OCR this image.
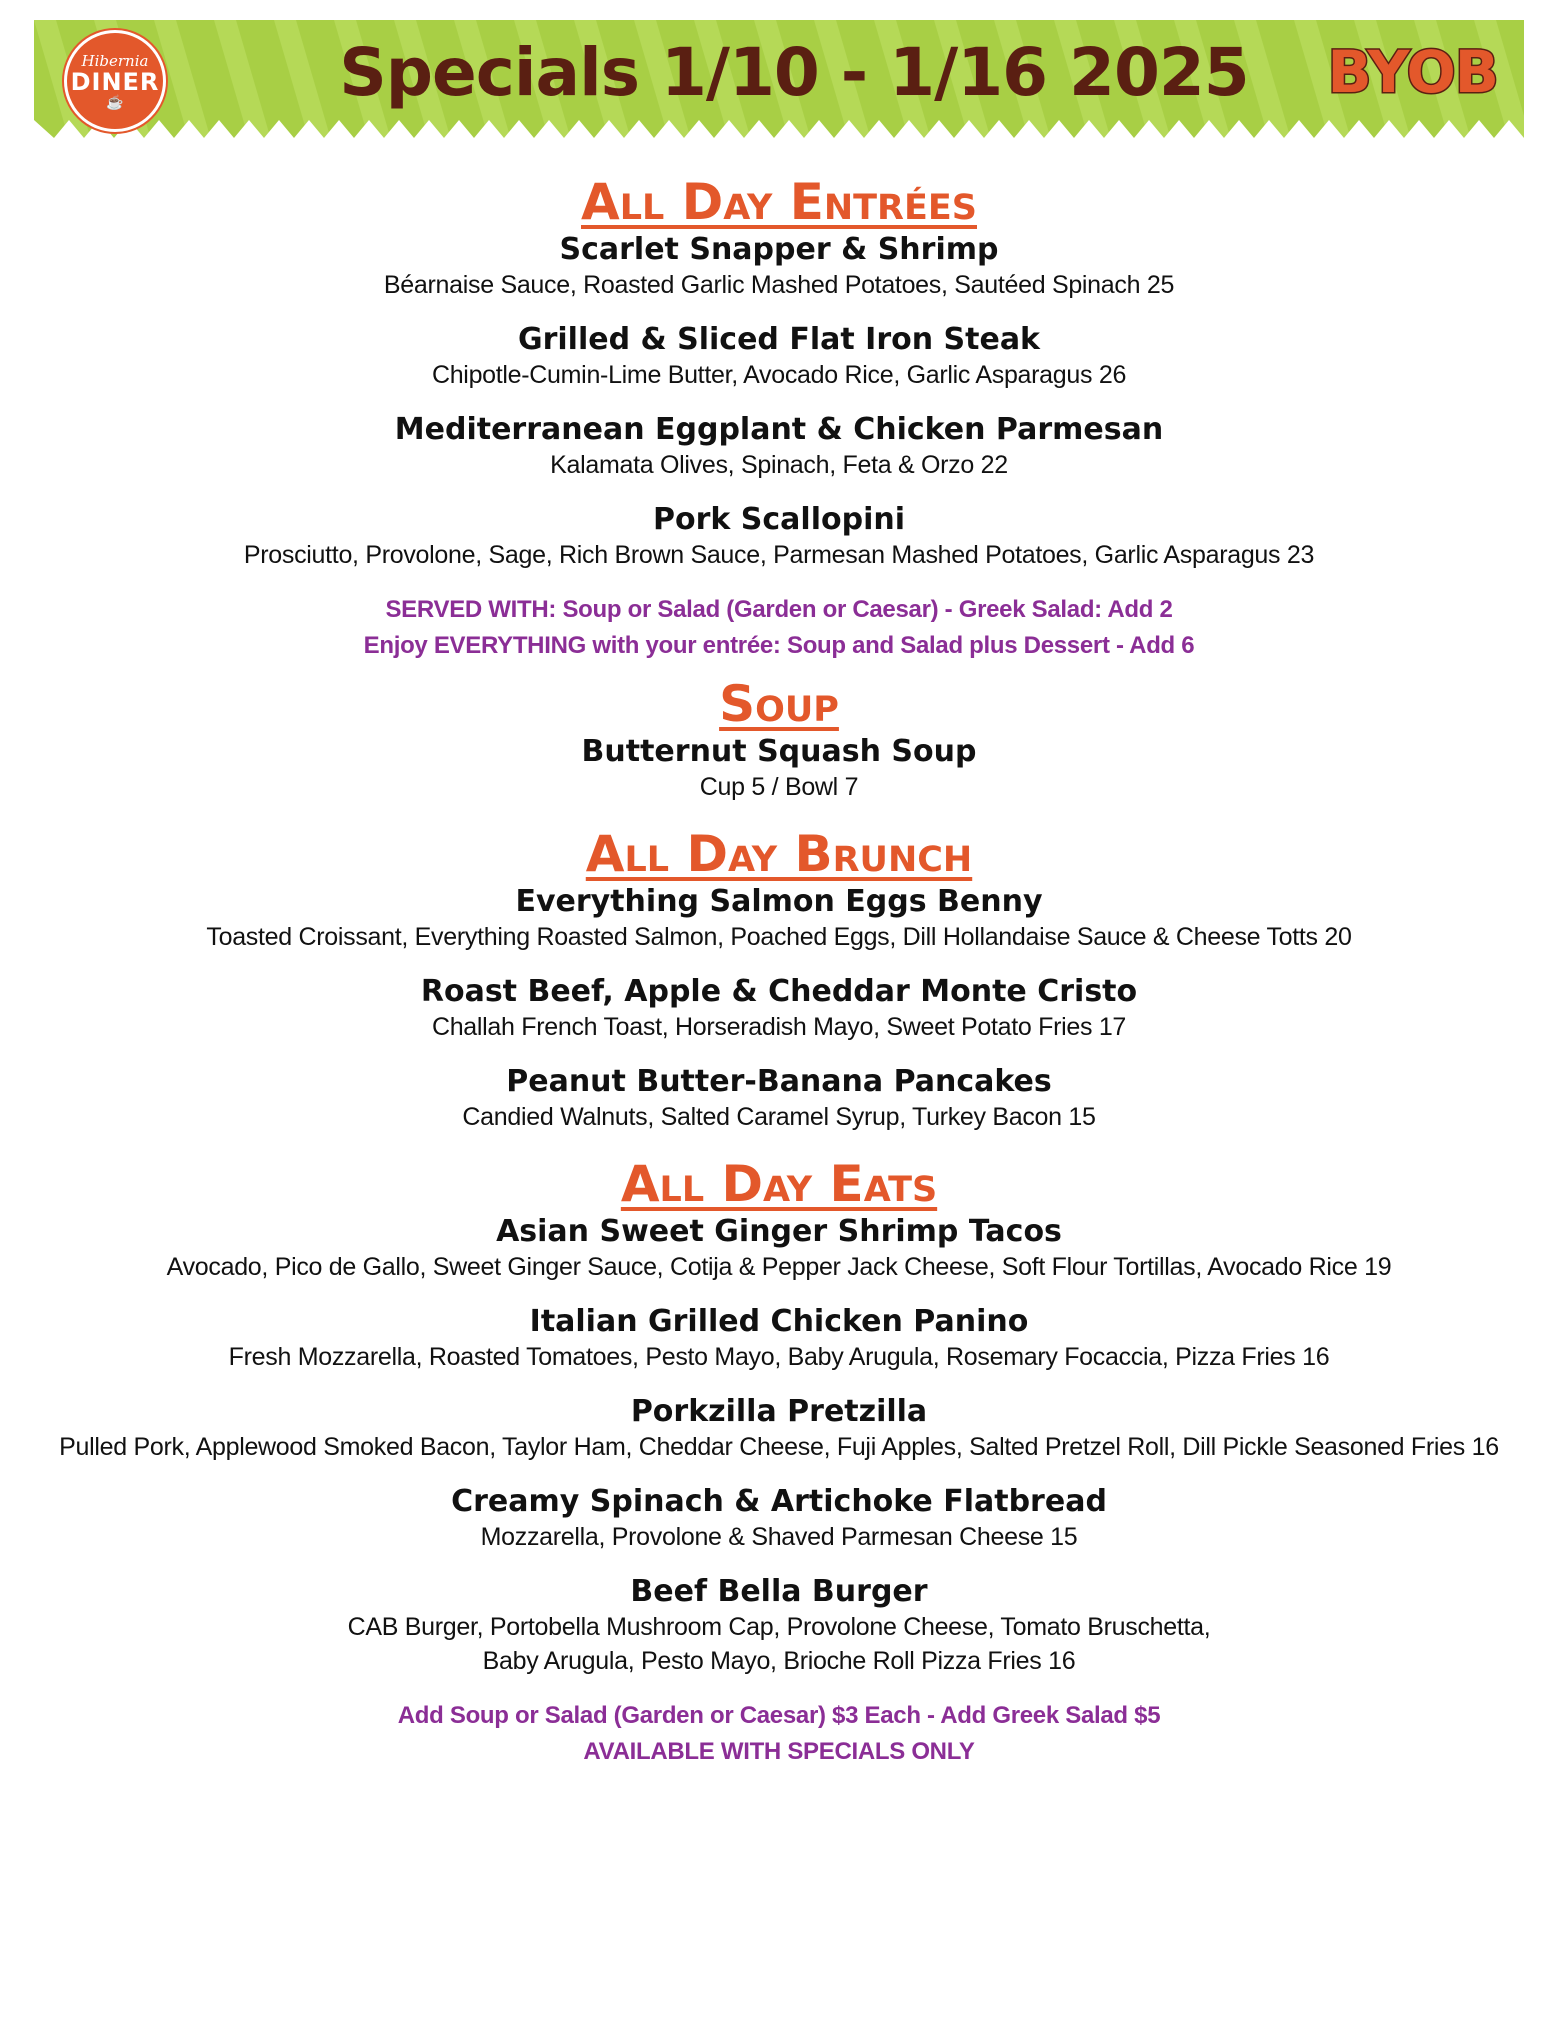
Hibernia
DINER
☕	Specials 1/10 - 1/16 2025 BYOB
All Day Entrées

Scarlet Snapper & Shrimp

Béarnaise Sauce, Roasted Garlic Mashed Potatoes, Sautéed Spinach 25

Grilled & Sliced Flat Iron Steak

Chipotle-Cumin-Lime Butter, Avocado Rice, Garlic Asparagus 26

Mediterranean Eggplant & Chicken Parmesan

Kalamata Olives, Spinach, Feta & Orzo 22

Pork Scallopini

Prosciutto, Provolone, Sage, Rich Brown Sauce, Parmesan Mashed Potatoes, Garlic Asparagus 23

SERVED WITH: Soup or Salad (Garden or Caesar) - Greek Salad: Add 2

Enjoy EVERYTHING with your entrée: Soup and Salad plus Dessert - Add 6

Soup

Butternut Squash Soup

Cup 5 / Bowl 7

All Day Brunch

Everything Salmon Eggs Benny

Toasted Croissant, Everything Roasted Salmon, Poached Eggs, Dill Hollandaise Sauce & Cheese Totts 20

Roast Beef, Apple & Cheddar Monte Cristo

Challah French Toast, Horseradish Mayo, Sweet Potato Fries 17

Peanut Butter-Banana Pancakes

Candied Walnuts, Salted Caramel Syrup, Turkey Bacon 15

All Day Eats

Asian Sweet Ginger Shrimp Tacos

Avocado, Pico de Gallo, Sweet Ginger Sauce, Cotija & Pepper Jack Cheese, Soft Flour Tortillas, Avocado Rice 19

Italian Grilled Chicken Panino

Fresh Mozzarella, Roasted Tomatoes, Pesto Mayo, Baby Arugula, Rosemary Focaccia, Pizza Fries 16

Porkzilla Pretzilla

Pulled Pork, Applewood Smoked Bacon, Taylor Ham, Cheddar Cheese, Fuji Apples, Salted Pretzel Roll, Dill Pickle Seasoned Fries 16

Creamy Spinach & Artichoke Flatbread

Mozzarella, Provolone & Shaved Parmesan Cheese 15

Beef Bella Burger

CAB Burger, Portobella Mushroom Cap, Provolone Cheese, Tomato Bruschetta,

Baby Arugula, Pesto Mayo, Brioche Roll Pizza Fries 16

Add Soup or Salad (Garden or Caesar) $3 Each - Add Greek Salad $5

AVAILABLE WITH SPECIALS ONLY
